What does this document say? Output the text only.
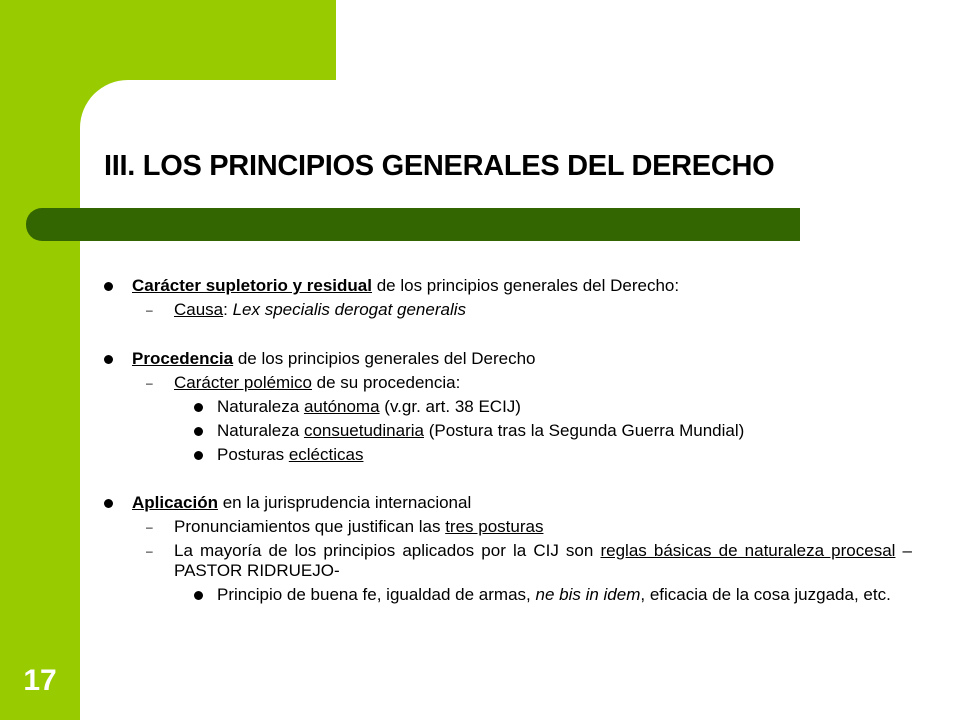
III. LOS PRINCIPIOS GENERALES DEL DERECHO
17
Carácter supletorio y residual de los principios generales del Derecho:
– Causa: Lex specialis derogat generalis
Procedencia de los principios generales del Derecho
– Carácter polémico de su procedencia:
Naturaleza autónoma (v.gr. art. 38 ECIJ)
Naturaleza consuetudinaria (Postura tras la Segunda Guerra Mundial)
Posturas eclécticas
Aplicación en la jurisprudencia internacional
– Pronunciamientos que justifican las tres posturas
– La mayoría de los principios aplicados por la CIJ son reglas básicas de naturaleza procesal –PASTOR RIDRUEJO-
Principio de buena fe, igualdad de armas, ne bis in idem, eficacia de la cosa juzgada, etc.
